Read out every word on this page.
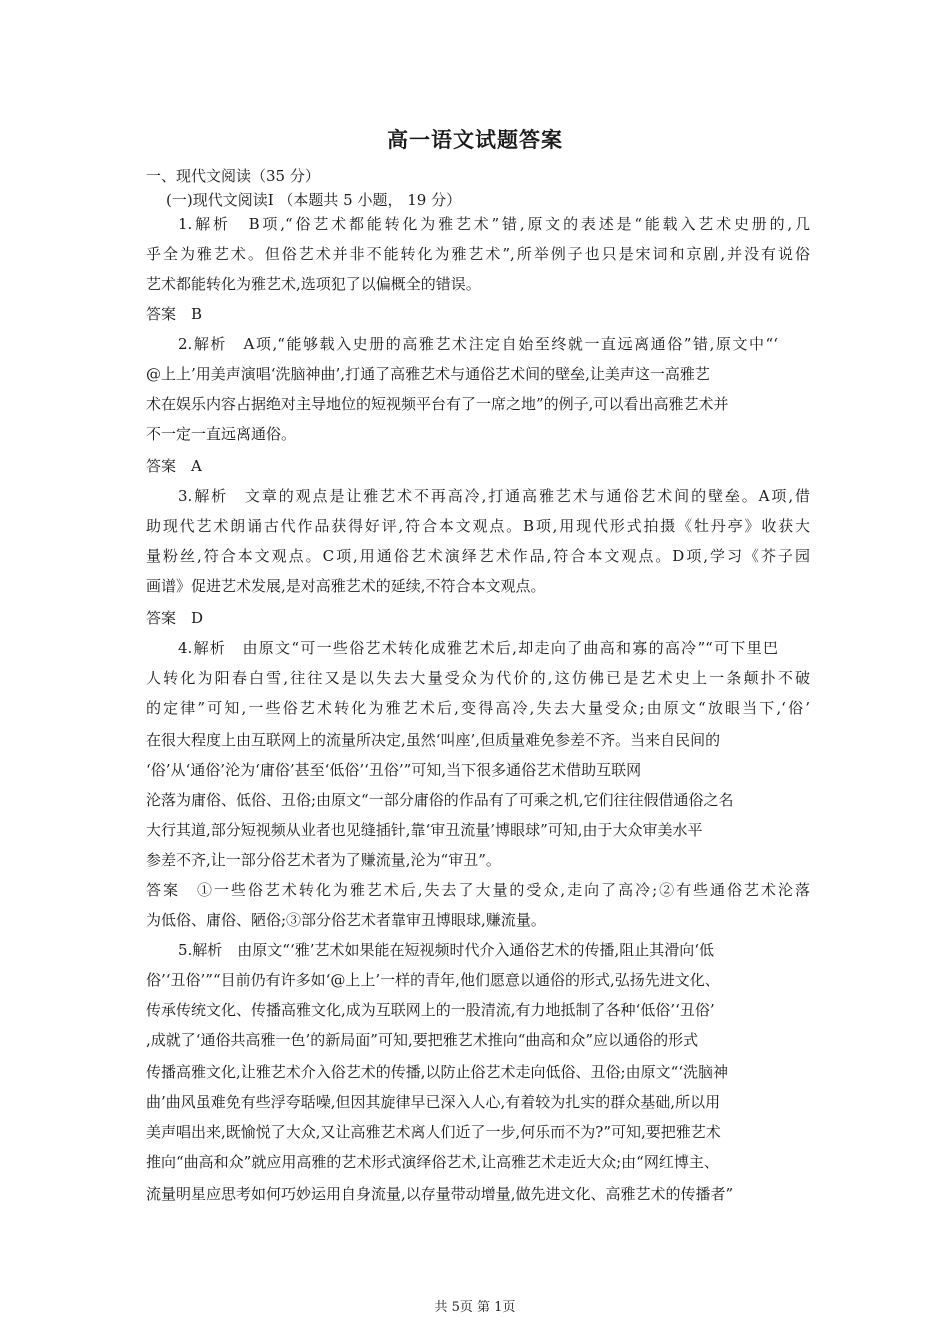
高一语文试题答案
一、现代文阅读（35 分）
(一)现代文阅读Ⅰ （本题共 5 小题， 19 分）
1.解析　B项,“俗艺术都能转化为雅艺术”错,原文的表述是“能载入艺术史册的,几
乎全为雅艺术。但俗艺术并非不能转化为雅艺术”,所举例子也只是宋词和京剧,并没有说俗
艺术都能转化为雅艺术,选项犯了以偏概全的错误。
答案　B
2.解析　A项,“能够载入史册的高雅艺术注定自始至终就一直远离通俗”错,原文中“‘
@上上’用美声演唱‘洗脑神曲’,打通了高雅艺术与通俗艺术间的壁垒,让美声这一高雅艺
术在娱乐内容占据绝对主导地位的短视频平台有了一席之地”的例子,可以看出高雅艺术并
不一定一直远离通俗。
答案　A
3.解析　文章的观点是让雅艺术不再高冷,打通高雅艺术与通俗艺术间的壁垒。A项,借
助现代艺术朗诵古代作品获得好评,符合本文观点。B项,用现代形式拍摄《牡丹亭》收获大
量粉丝,符合本文观点。C项,用通俗艺术演绎艺术作品,符合本文观点。D项,学习《芥子园
画谱》促进艺术发展,是对高雅艺术的延续,不符合本文观点。
答案　D
4.解析　由原文“可一些俗艺术转化成雅艺术后,却走向了曲高和寡的高冷”“可下里巴
人转化为阳春白雪,往往又是以失去大量受众为代价的,这仿佛已是艺术史上一条颠扑不破
的定律”可知,一些俗艺术转化为雅艺术后,变得高冷,失去大量受众;由原文“放眼当下,‘俗’
在很大程度上由互联网上的流量所决定,虽然‘叫座’,但质量难免参差不齐。当来自民间的
‘俗’从‘通俗’沦为‘庸俗’甚至‘低俗’‘丑俗’”可知,当下很多通俗艺术借助互联网
沦落为庸俗、低俗、丑俗;由原文“一部分庸俗的作品有了可乘之机,它们往往假借通俗之名
大行其道,部分短视频从业者也见缝插针,靠‘审丑流量’博眼球”可知,由于大众审美水平
参差不齐,让一部分俗艺术者为了赚流量,沦为“审丑”。
答案　①一些俗艺术转化为雅艺术后,失去了大量的受众,走向了高冷;②有些通俗艺术沦落
为低俗、庸俗、陋俗;③部分俗艺术者靠审丑博眼球,赚流量。
5.解析　由原文“‘雅’艺术如果能在短视频时代介入通俗艺术的传播,阻止其滑向‘低
俗’‘丑俗’”“目前仍有许多如‘@上上’一样的青年,他们愿意以通俗的形式,弘扬先进文化、
传承传统文化、传播高雅文化,成为互联网上的一股清流,有力地抵制了各种‘低俗’‘丑俗’
,成就了‘通俗共高雅一色’的新局面”可知,要把雅艺术推向“曲高和众”应以通俗的形式
传播高雅文化,让雅艺术介入俗艺术的传播,以防止俗艺术走向低俗、丑俗;由原文“‘洗脑神
曲’曲风虽难免有些浮夸聒噪,但因其旋律早已深入人心,有着较为扎实的群众基础,所以用
美声唱出来,既愉悦了大众,又让高雅艺术离人们近了一步,何乐而不为?”可知,要把雅艺术
推向“曲高和众”就应用高雅的艺术形式演绎俗艺术,让高雅艺术走近大众;由“网红博主、
流量明星应思考如何巧妙运用自身流量,以存量带动增量,做先进文化、高雅艺术的传播者”
共 5页 第 1页
